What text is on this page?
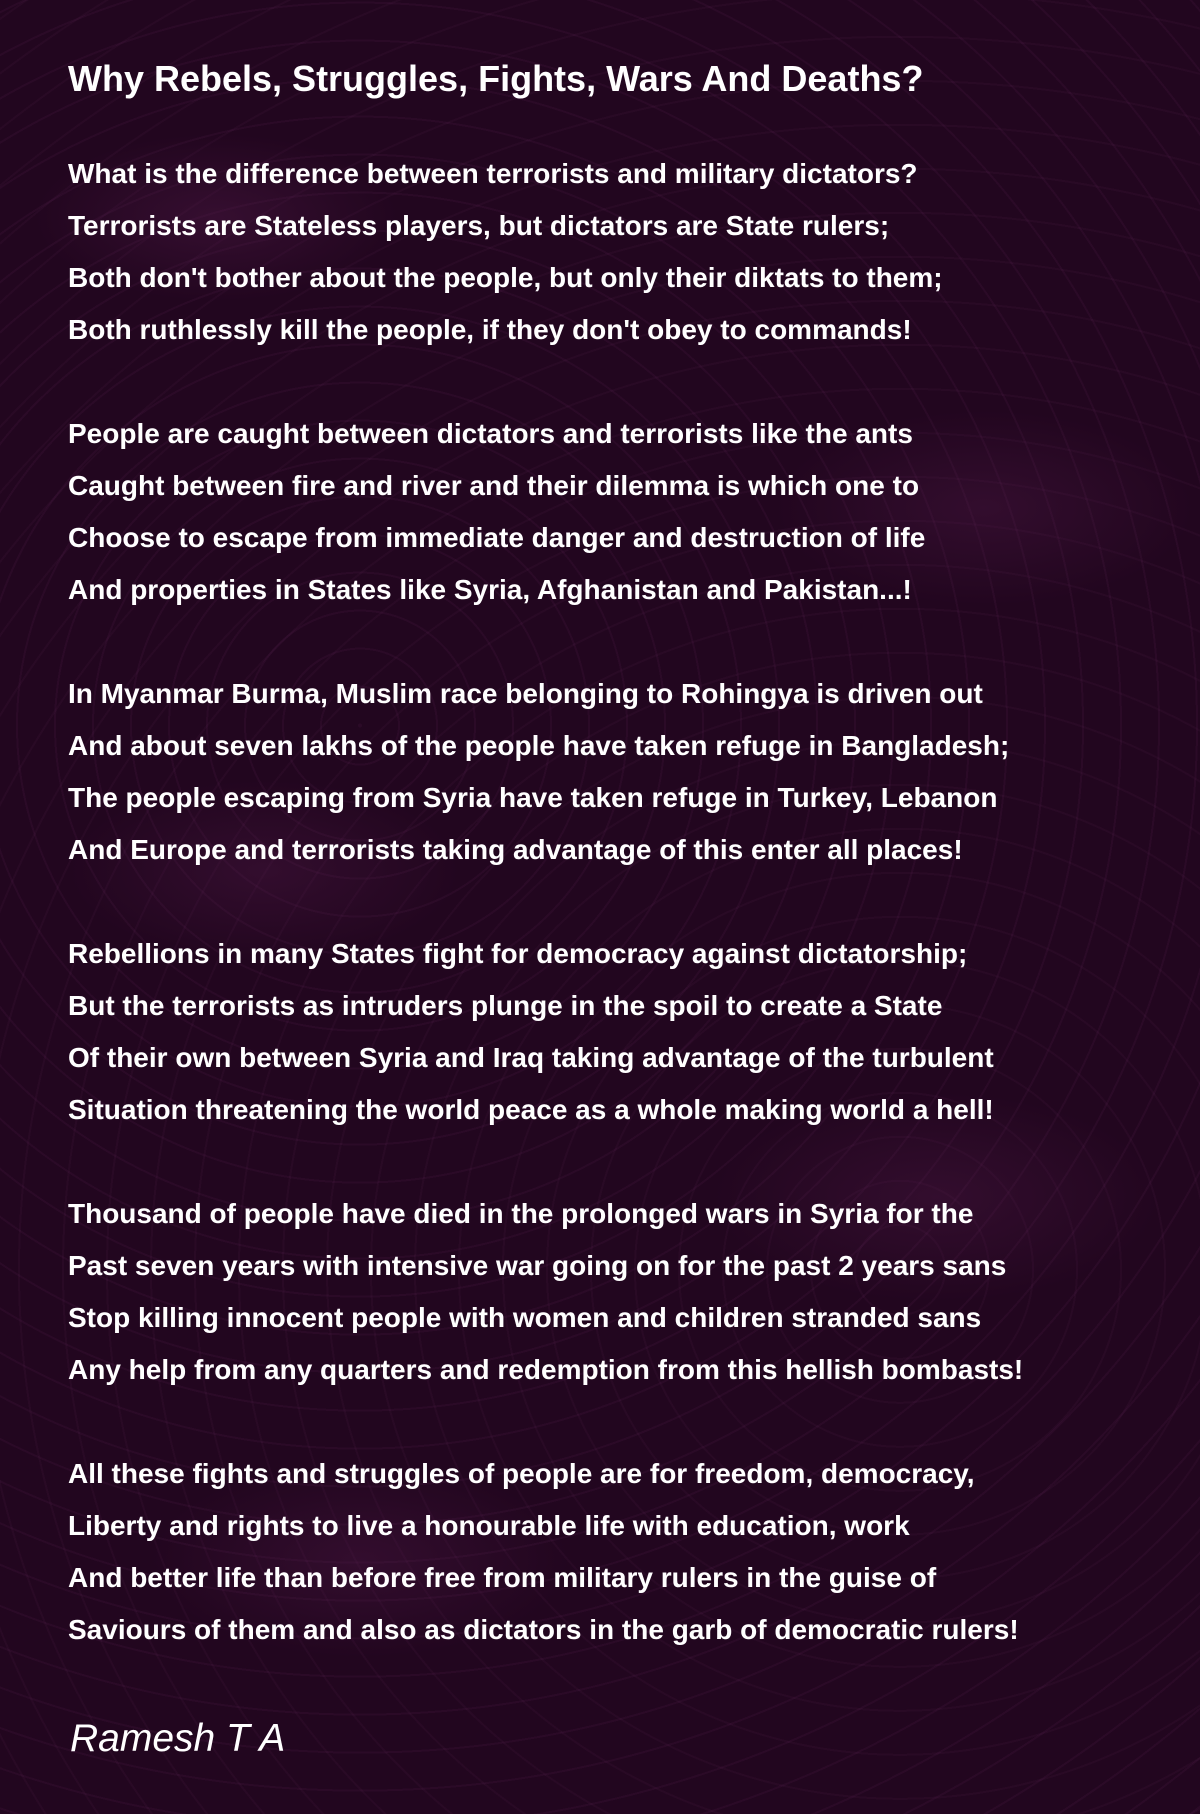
Why Rebels, Struggles, Fights, Wars And Deaths?
What is the difference between terrorists and military dictators?
Terrorists are Stateless players, but dictators are State rulers;
Both don't bother about the people, but only their diktats to them;
Both ruthlessly kill the people, if they don't obey to commands!
People are caught between dictators and terrorists like the ants
Caught between fire and river and their dilemma is which one to
Choose to escape from immediate danger and destruction of life
And properties in States like Syria, Afghanistan and Pakistan...!
In Myanmar Burma, Muslim race belonging to Rohingya is driven out
And about seven lakhs of the people have taken refuge in Bangladesh;
The people escaping from Syria have taken refuge in Turkey, Lebanon
And Europe and terrorists taking advantage of this enter all places!
Rebellions in many States fight for democracy against dictatorship;
But the terrorists as intruders plunge in the spoil to create a State
Of their own between Syria and Iraq taking advantage of the turbulent
Situation threatening the world peace as a whole making world a hell!
Thousand of people have died in the prolonged wars in Syria for the
Past seven years with intensive war going on for the past 2 years sans
Stop killing innocent people with women and children stranded sans
Any help from any quarters and redemption from this hellish bombasts!
All these fights and struggles of people are for freedom, democracy,
Liberty and rights to live a honourable life with education, work
And better life than before free from military rulers in the guise of
Saviours of them and also as dictators in the garb of democratic rulers!

Ramesh T A
